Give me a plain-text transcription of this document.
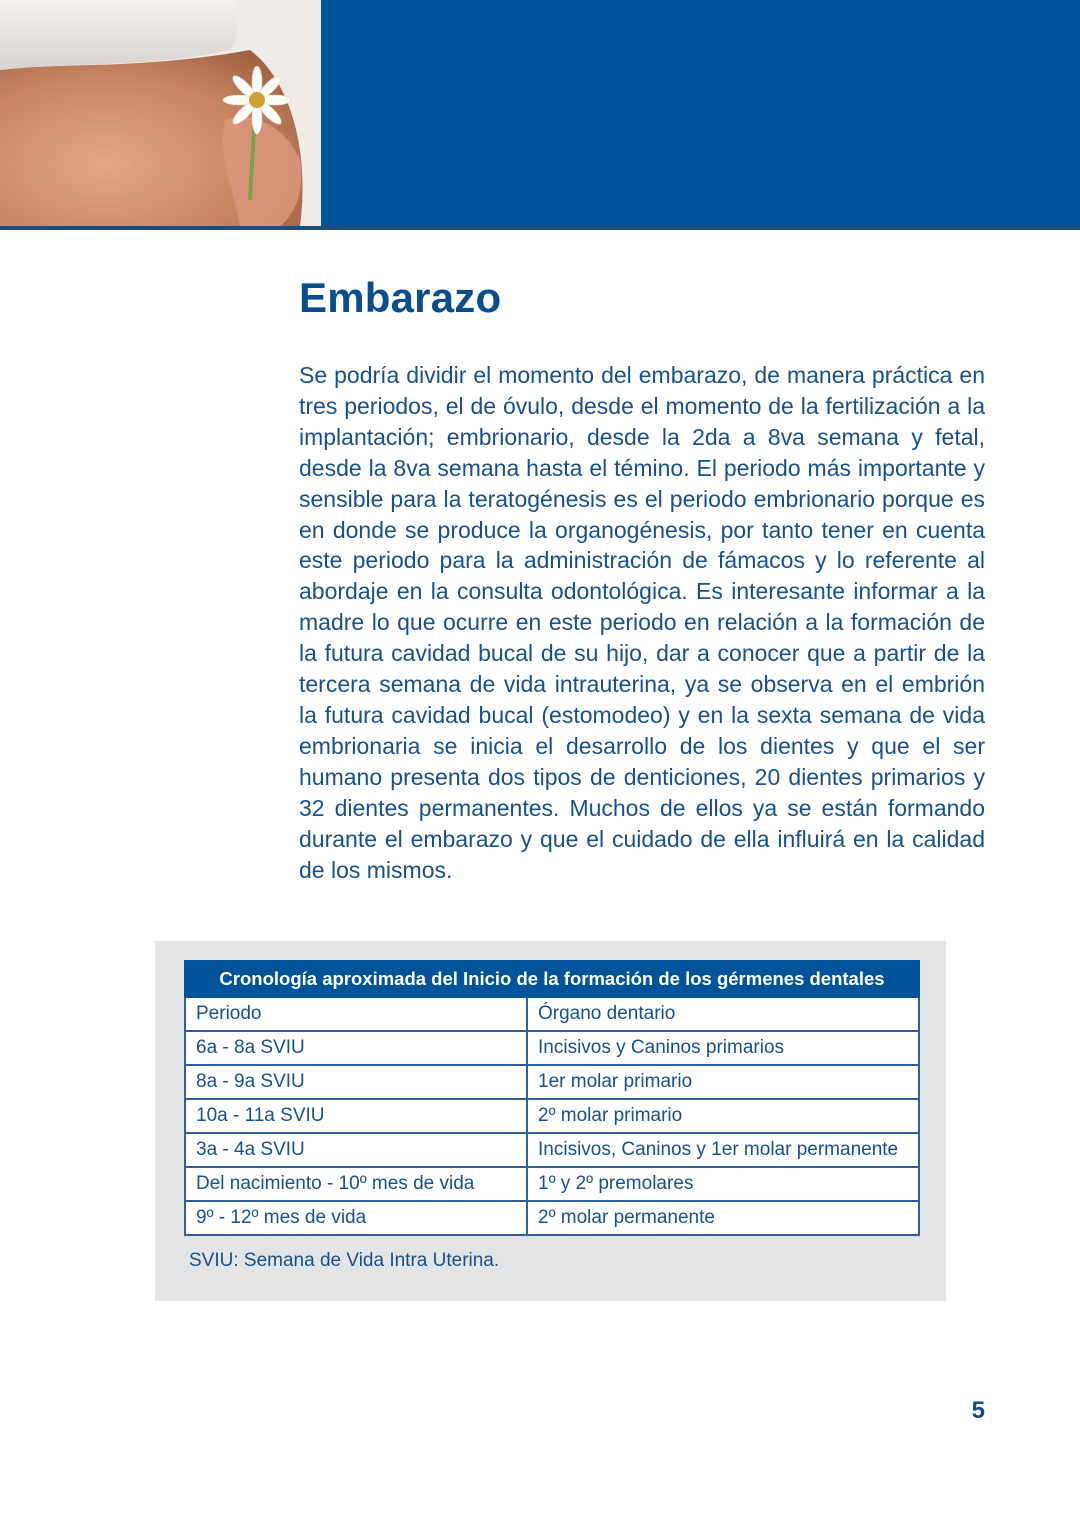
Embarazo

Se podría dividir el momento del embarazo, de manera práctica en tres periodos, el de óvulo, desde el momento de la fertilización a la implantación; embrionario, desde la 2da a 8va semana y fetal, desde la 8va semana hasta el témino. El periodo más importante y sensible para la teratogénesis es el periodo embrionario porque es en donde se produce la organogénesis, por tanto tener en cuenta este periodo para la administración de fámacos y lo referente al abordaje en la consulta odontológica. Es interesante informar a la madre lo que ocurre en este periodo en relación a la formación de la futura cavidad bucal de su hijo, dar a conocer que a partir de la tercera semana de vida intrauterina, ya se observa en el embrión la futura cavidad bucal (estomodeo) y en la sexta semana de vida embrionaria se inicia el desarrollo de los dientes y que el ser humano presenta dos tipos de denticiones, 20 dientes primarios y 32 dientes permanentes. Muchos de ellos ya se están formando durante el embarazo y que el cuidado de ella influirá en la calidad de los mismos.

Cronología aproximada del Inicio de la formación de los gérmenes dentales	
Periodo	Órgano dentario
6a - 8a SVIU	Incisivos y Caninos primarios
8a - 9a SVIU	1er molar primario
10a - 11a SVIU	2º molar primario
3a - 4a SVIU	Incisivos, Caninos y 1er molar permanente
Del nacimiento - 10º mes de vida	1º y 2º premolares
9º - 12º mes de vida	2º molar permanente

SVIU: Semana de Vida Intra Uterina.

5
